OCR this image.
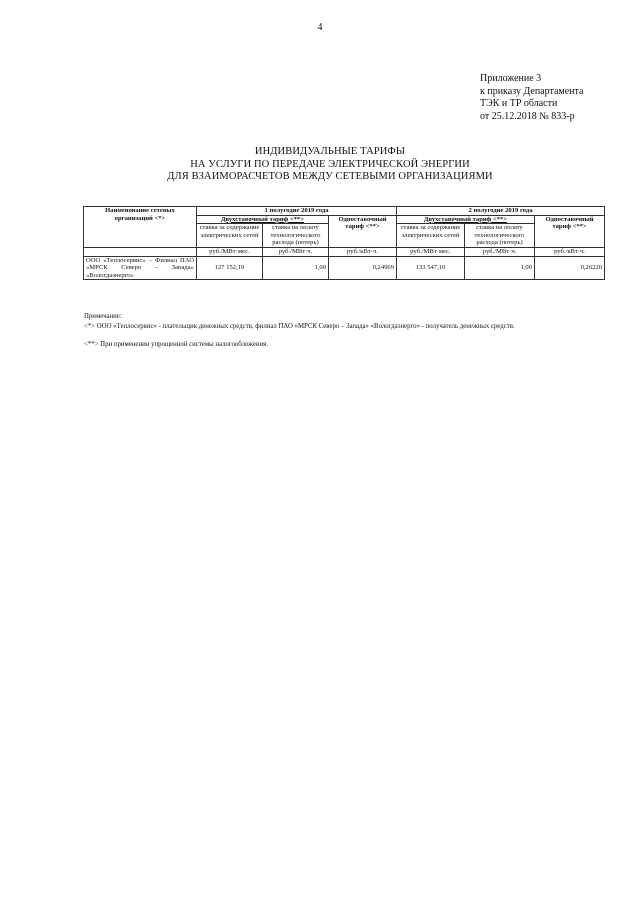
4
Приложение 3
к приказу Департамента
ТЭК и ТР области
от 25.12.2018 № 833-р
ИНДИВИДУАЛЬНЫЕ ТАРИФЫ
НА УСЛУГИ ПО ПЕРЕДАЧЕ ЭЛЕКТРИЧЕСКОЙ ЭНЕРГИИ
ДЛЯ ВЗАИМОРАСЧЕТОВ МЕЖДУ СЕТЕВЫМИ ОРГАНИЗАЦИЯМИ
Наименование сетевых организаций <*>	1 полугодие 2019 года			2 полугодие 2019 года		
	Двухставочный тариф <**>		Одноставочный тариф <**>	Двухставочный тариф <**>		Одноставочный тариф <**>
	ставка за содержание электрических сетей	ставка на оплату технологического расхода (потерь)		ставка за содержание электрических сетей	ставка на оплату технологического расхода (потерь)	
	руб./МВт·мес.	руб./МВт·ч.	руб./кВт·ч.	руб./МВт·мес.	руб./МВт·ч.	руб./кВт·ч.
ООО «Теплосервис» – Филиал ПАО «МРСК Северо – Запада» «Вологдаэнерго»	127 152,19	1,00	0,24969	133 547,10	1,00	0,26220
Примечание:
<*> ООО «Теплосервис» - плательщик денежных средств, филиал ПАО «МРСК Северо – Запада» «Вологдаэнерго» - получатель денежных средств.
<**> При применении упрощенной системы налогообложения.
